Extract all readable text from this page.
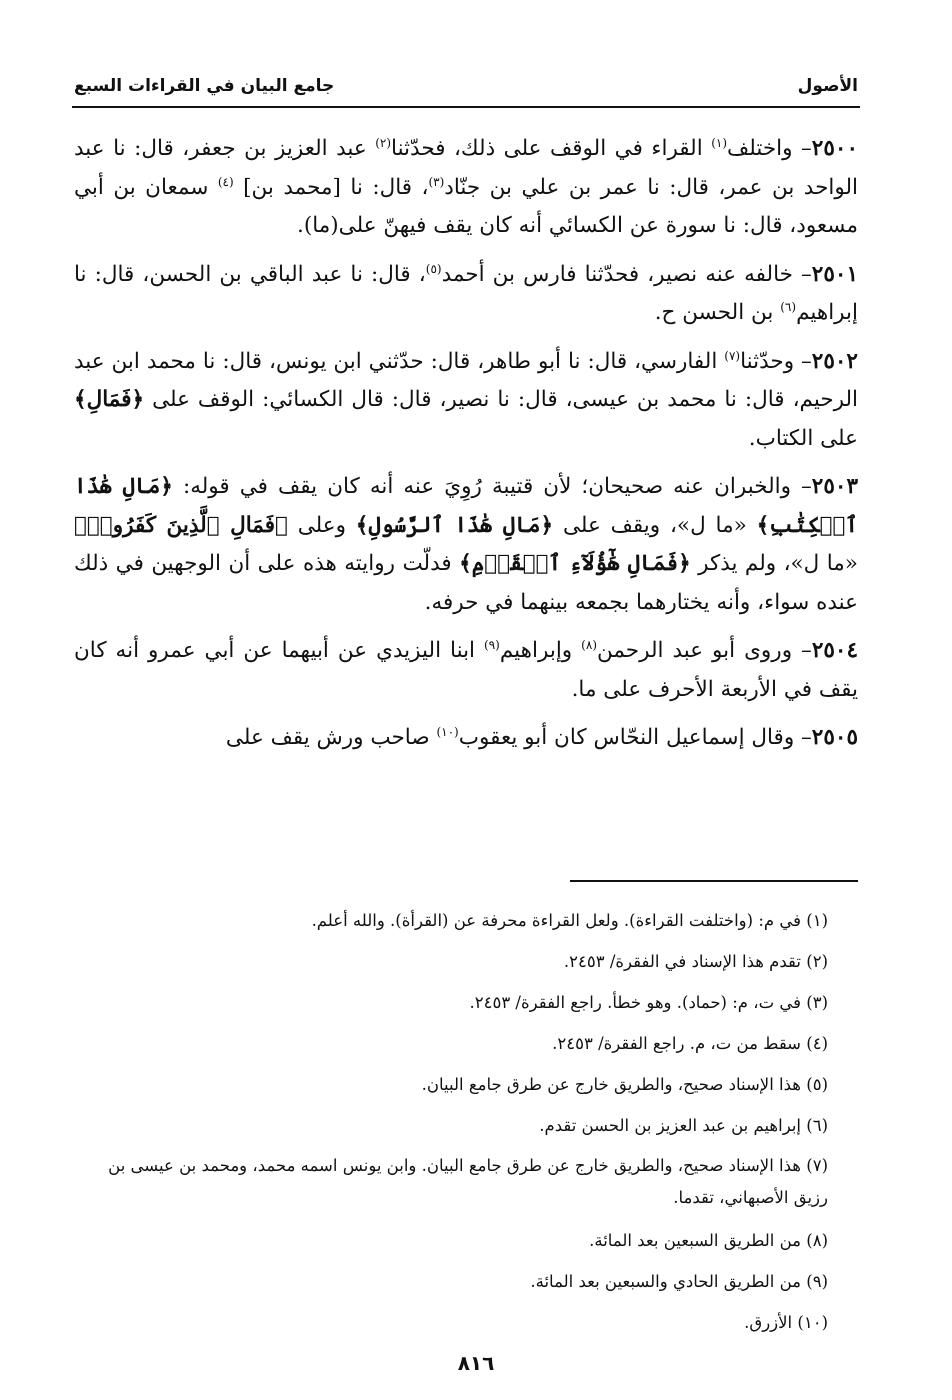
الأصول
جامع البيان في القراءات السبع

٢٥٠٠– واختلف$^{(١)}$ القراء في الوقف على ذلك، فحدّثنا$^{(٢)}$ عبد العزيز بن جعفر، قال: نا عبد الواحد بن عمر، قال: نا عمر بن علي بن جنّاد$^{(٣)}$، قال: نا [محمد بن] $^{(٤)}$ سمعان بن أبي مسعود، قال: نا سورة عن الكسائي أنه كان يقف فيهنّ على(ما).

٢٥٠١– خالفه عنه نصير، فحدّثنا فارس بن أحمد$^{(٥)}$، قال: نا عبد الباقي بن الحسن، قال: نا إبراهيم$^{(٦)}$ بن الحسن ح.

٢٥٠٢– وحدّثنا$^{(٧)}$ الفارسي، قال: نا أبو طاهر، قال: حدّثني ابن يونس، قال: نا محمد ابن عبد الرحيم، قال: نا محمد بن عيسى، قال: نا نصير، قال: قال الكسائي: الوقف على ﴿فَمَالِ﴾ على الكتاب.

٢٥٠٣– والخبران عنه صحيحان؛ لأن قتيبة رُوِيَ عنه أنه كان يقف في قوله: ﴿مَالِ هَٰذَا ٱلۡكِتَٰبِ﴾ «ما ل»، ويقف على ﴿مَالِ هَٰذَا ٱلرَّسُولِ﴾ وعلى ﴿فَمَالِ ٱلَّذِينَ كَفَرُوا۟﴾ «ما ل»، ولم يذكر ﴿فَمَالِ هَٰٓؤُلَآءِ ٱلۡقَوۡمِ﴾ فدلّت روايته هذه على أن الوجهين في ذلك عنده سواء، وأنه يختارهما بجمعه بينهما في حرفه.

٢٥٠٤– وروى أبو عبد الرحمن$^{(٨)}$ وإبراهيم$^{(٩)}$ ابنا اليزيدي عن أبيهما عن أبي عمرو أنه كان يقف في الأربعة الأحرف على ما.

٢٥٠٥– وقال إسماعيل النحّاس كان أبو يعقوب$^{(١٠)}$ صاحب ورش يقف على

(١) في م: (واختلفت القراءة). ولعل القراءة محرفة عن (القرأة). والله أعلم.

(٢) تقدم هذا الإسناد في الفقرة/ ٢٤٥٣.

(٣) في ت، م: (حماد). وهو خطأ. راجع الفقرة/ ٢٤٥٣.

(٤) سقط من ت، م. راجع الفقرة/ ٢٤٥٣.

(٥) هذا الإسناد صحيح، والطريق خارج عن طرق جامع البيان.

(٦) إبراهيم بن عبد العزيز بن الحسن تقدم.

(٧) هذا الإسناد صحيح، والطريق خارج عن طرق جامع البيان. وابن يونس اسمه محمد، ومحمد بن عيسى بن رزيق الأصبهاني، تقدما.

(٨) من الطريق السبعين بعد المائة.

(٩) من الطريق الحادي والسبعين بعد المائة.

(١٠) الأزرق.

٨١٦
